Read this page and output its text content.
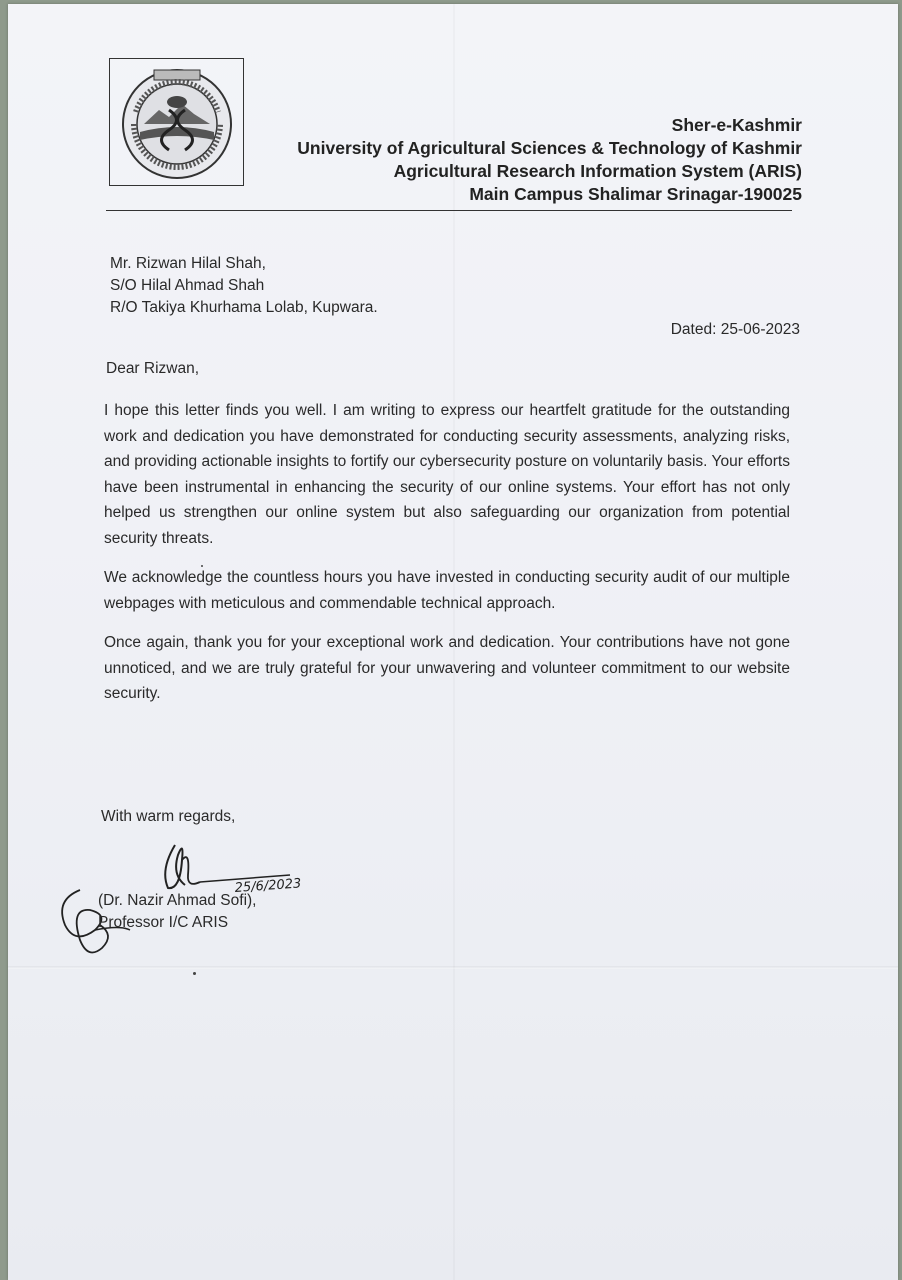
Sher-e-Kashmir
University of Agricultural Sciences & Technology of Kashmir
Agricultural Research Information System (ARIS)
Main Campus Shalimar Srinagar-190025
Mr. Rizwan Hilal Shah,
S/O Hilal Ahmad Shah
R/O Takiya Khurhama Lolab, Kupwara.
Dated: 25-06-2023
Dear Rizwan,

I hope this letter finds you well. I am writing to express our heartfelt gratitude for the outstanding work and dedication you have demonstrated for conducting security assessments, analyzing risks, and providing actionable insights to fortify our cybersecurity posture on voluntarily basis. Your efforts have been instrumental in enhancing the security of our online systems. Your effort has not only helped us strengthen our online system but also safeguarding our organization from potential security threats.

We acknowledge the countless hours you have invested in conducting security audit of our multiple webpages with meticulous and commendable technical approach.

Once again, thank you for your exceptional work and dedication. Your contributions have not gone unnoticed, and we are truly grateful for your unwavering and volunteer commitment to our website security.

With warm regards,
25/6/2023
(Dr. Nazir Ahmad Sofi),
Professor I/C ARIS
